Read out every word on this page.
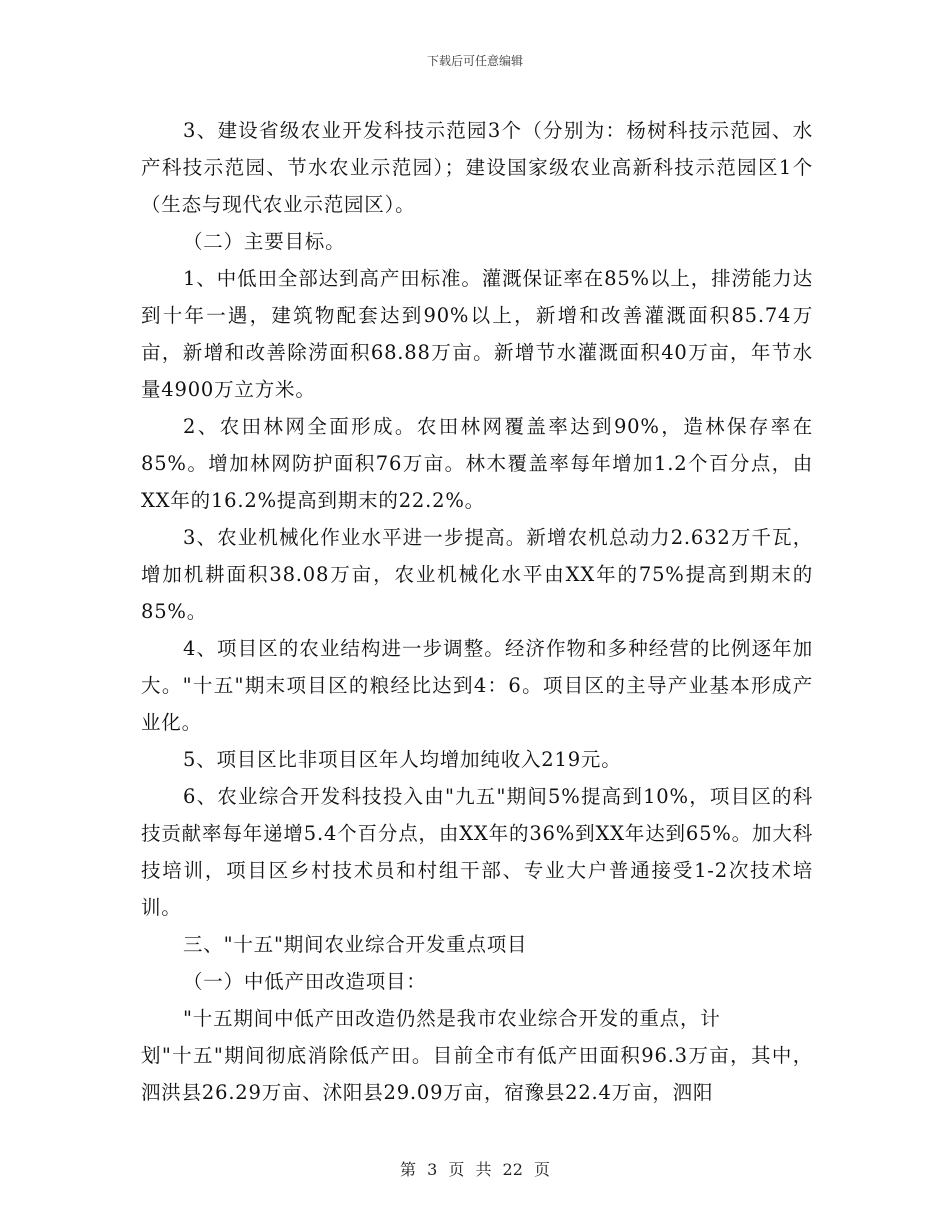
下载后可任意编辑

3、建设省级农业开发科技示范园3个（分别为：杨树科技示范园、水产科技示范园、节水农业示范园）；建设国家级农业高新科技示范园区1个（生态与现代农业示范园区）。

（二）主要目标。

1、中低田全部达到高产田标准。灌溉保证率在85%以上，排涝能力达到十年一遇，建筑物配套达到90%以上，新增和改善灌溉面积85.74万亩，新增和改善除涝面积68.88万亩。新增节水灌溉面积40万亩，年节水量4900万立方米。

2、农田林网全面形成。农田林网覆盖率达到90%，造林保存率在85%。增加林网防护面积76万亩。林木覆盖率每年增加1.2个百分点，由XX年的16.2%提高到期末的22.2%。

3、农业机械化作业水平进一步提高。新增农机总动力2.632万千瓦，增加机耕面积38.08万亩，农业机械化水平由XX年的75%提高到期末的85%。

4、项目区的农业结构进一步调整。经济作物和多种经营的比例逐年加大。"十五"期末项目区的粮经比达到4：6。项目区的主导产业基本形成产业化。

5、项目区比非项目区年人均增加纯收入219元。

6、农业综合开发科技投入由"九五"期间5%提高到10%，项目区的科技贡献率每年递增5.4个百分点，由XX年的36%到XX年达到65%。加大科技培训，项目区乡村技术员和村组干部、专业大户普通接受1-2次技术培训。

三、"十五"期间农业综合开发重点项目

（一）中低产田改造项目：

"十五期间中低产田改造仍然是我市农业综合开发的重点，计

划"十五"期间彻底消除低产田。目前全市有低产田面积96.3万亩，其中，泗洪县26.29万亩、沭阳县29.09万亩，宿豫县22.4万亩，泗阳

第 3 页 共 22 页
